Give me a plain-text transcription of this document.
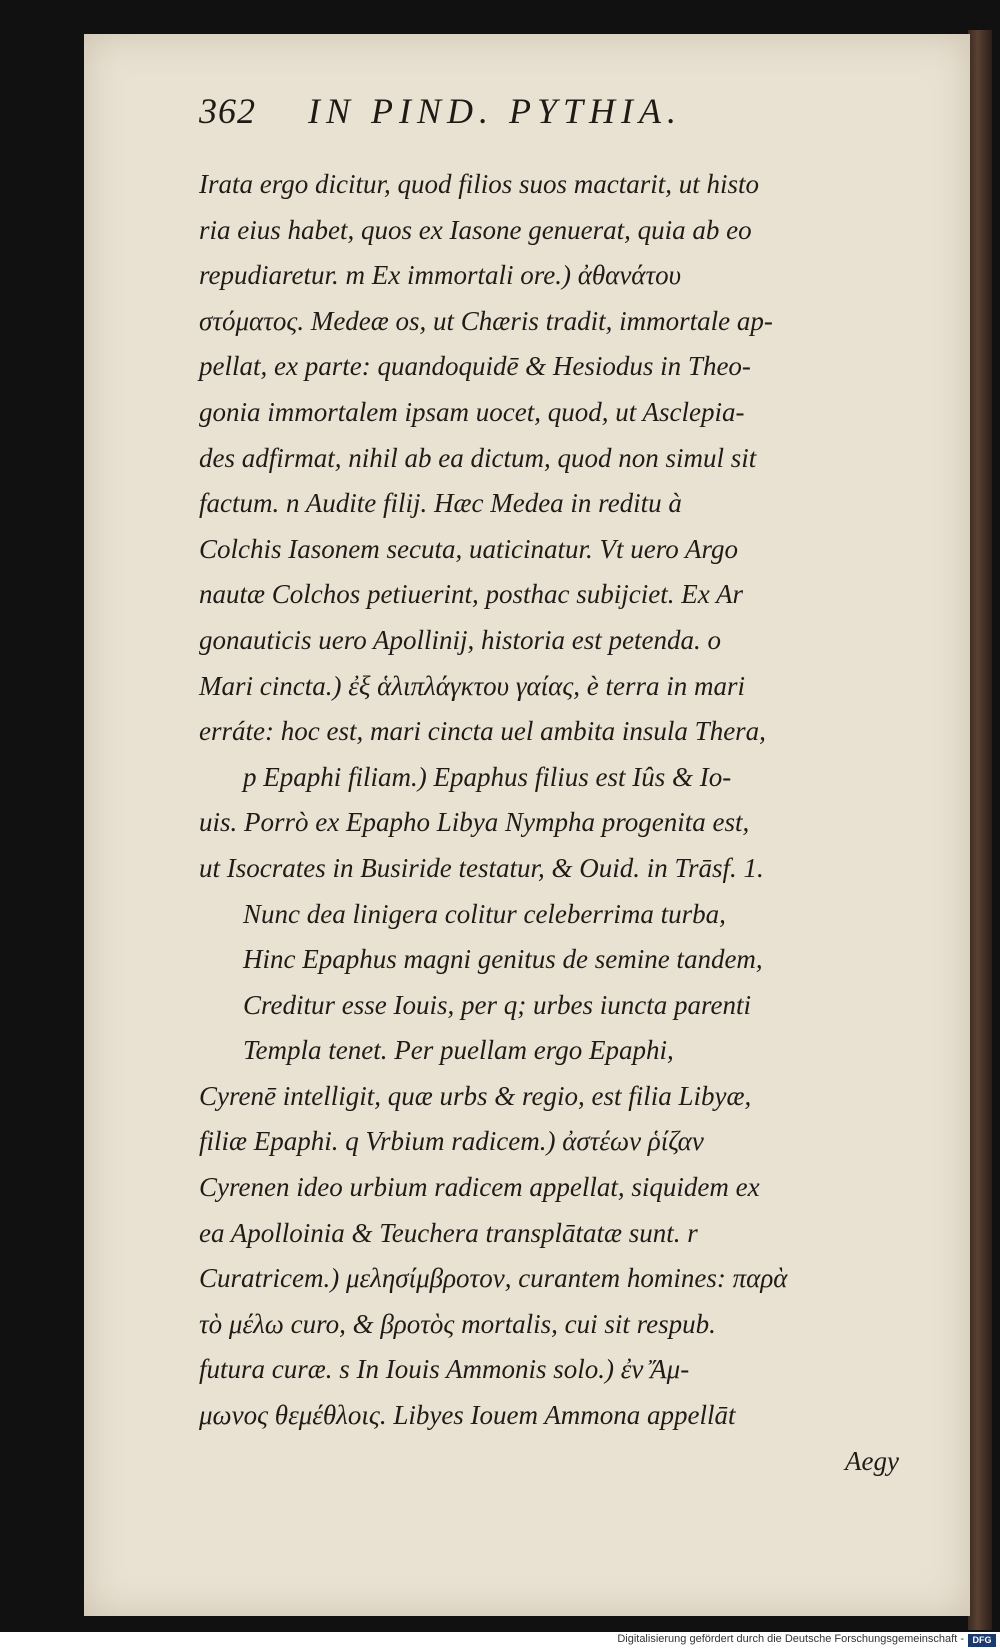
362 IN PIND. PYTHIA.
Irata ergo dicitur, quod filios suos mactarit, ut histo
ria eius habet, quos ex Iasone genuerat, quia ab eo
repudiaretur. m Ex immortali ore.) ἀθανάτου
στόματος. Medeæ os, ut Chæris tradit, immortale ap-
pellat, ex parte: quandoquidē & Hesiodus in Theo-
gonia immortalem ipsam uocet, quod, ut Asclepia-
des adfirmat, nihil ab ea dictum, quod non simul sit
factum. n Audite filij. Hæc Medea in reditu à
Colchis Iasonem secuta, uaticinatur. Vt uero Argo
nautæ Colchos petiuerint, posthac subijciet. Ex Ar
gonauticis uero Apollinij, historia est petenda. o
Mari cincta.) ἐξ ἁλιπλάγκτου γαίας, è terra in mari
erráte: hoc est, mari cincta uel ambita insula Thera,
p Epaphi filiam.) Epaphus filius est Iûs & Io-
uis. Porrò ex Epapho Libya Nympha progenita est,
ut Isocrates in Busiride testatur, & Ouid. in Trāsf. 1.
Nunc dea linigera colitur celeberrima turba,
Hinc Epaphus magni genitus de semine tandem,
Creditur esse Iouis, per q; urbes iuncta parenti
Templa tenet. Per puellam ergo Epaphi,
Cyrenē intelligit, quæ urbs & regio, est filia Libyæ,
filiæ Epaphi. q Vrbium radicem.) ἀστέων ῥίζαν
Cyrenen ideo urbium radicem appellat, siquidem ex
ea Apolloinia & Teuchera transplātatæ sunt. r
Curatricem.) μελησίμβροτον, curantem homines: παρὰ
τὸ μέλω curo, & βροτὸς mortalis, cui sit respub.
futura curæ. s In Iouis Ammonis solo.) ἐν Ἄμ-
μωνος θεμέθλοις. Libyes Iouem Ammona appellāt
Aegy
Digitalisierung gefördert durch die Deutsche Forschungsgemeinschaft - DFG
